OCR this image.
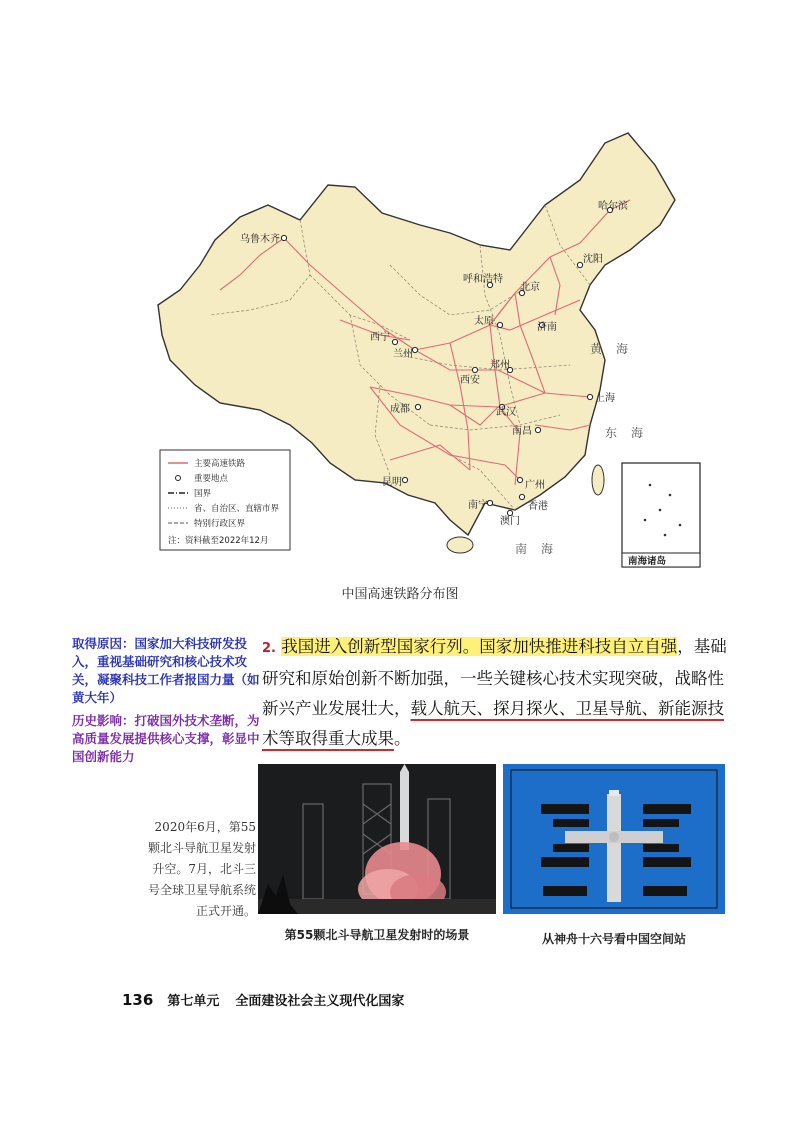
乌鲁木齐
哈尔滨
沈阳
呼和浩特
北京
太原
济南
西宁
兰州
郑州
西安
上海
成都	武汉
南昌
昆明
南宁	香港
澳门
广州
黄海
东海
南海
南海诸岛
主要高速铁路
重要地点
国界
省、自治区、直辖市界
特别行政区界
注：资料截至2022年12月
中国高速铁路分布图
取得原因：国家加大科技研发投入，重视基础研究和核心技术攻关，凝聚科技工作者报国力量（如黄大年）
历史影响：打破国外技术垄断，为高质量发展提供核心支撑，彰显中国创新能力
2. 我国进入创新型国家行列。国家加快推进科技自立自强，基础研究和原始创新不断加强，一些关键核心技术实现突破，战略性新兴产业发展壮大，载人航天、探月探火、卫星导航、新能源技术等取得重大成果。
第55颗北斗导航卫星发射时的场景	从神舟十六号看中国空间站
2020年6月，第55颗北斗导航卫星发射升空。7月，北斗三号全球卫星导航系统正式开通。
136 第七单元 全面建设社会主义现代化国家
